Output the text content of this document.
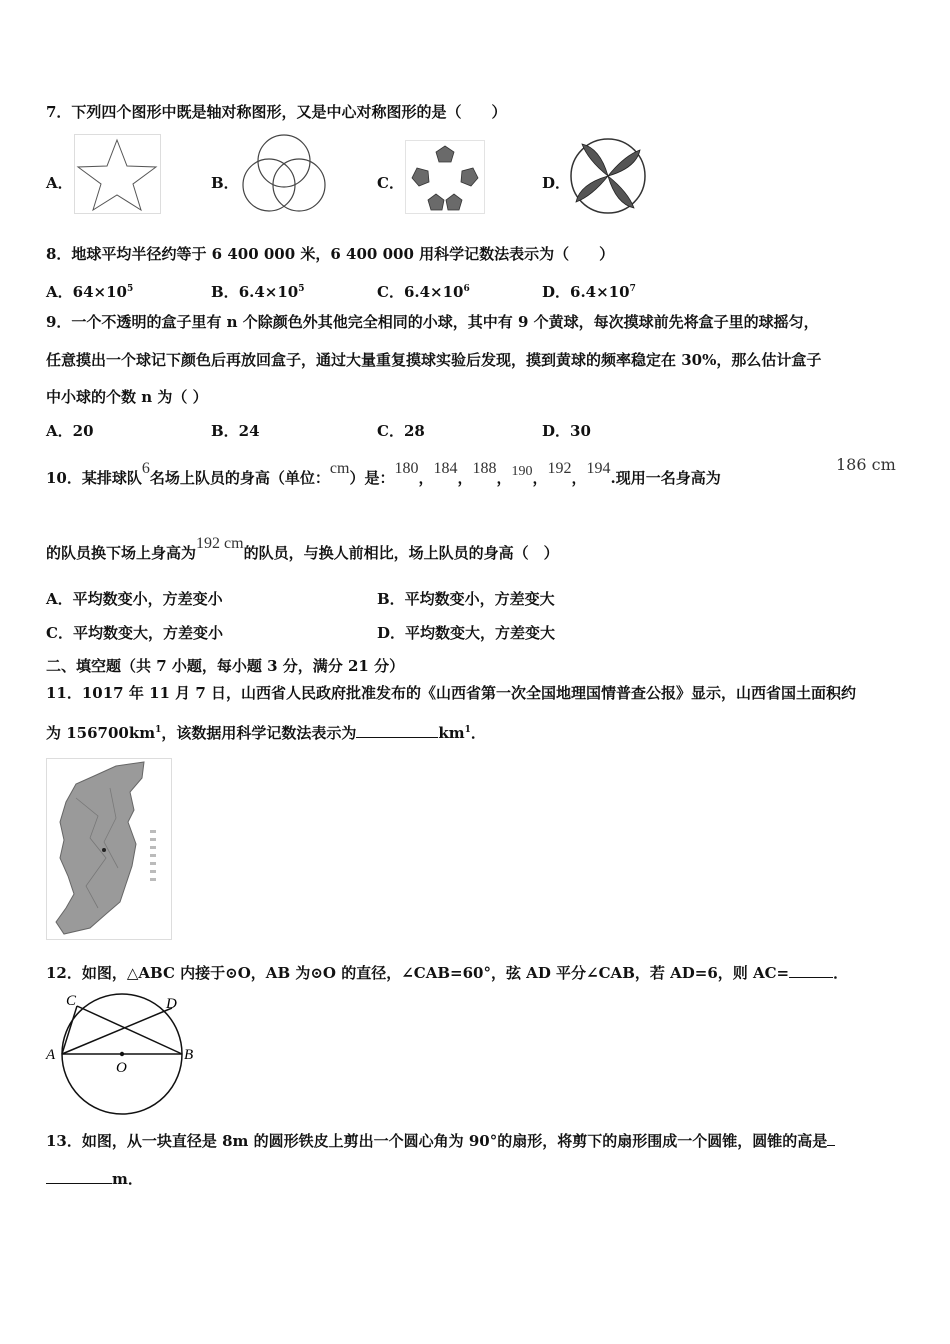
7．下列四个图形中既是轴对称图形，又是中心对称图形的是（　　）
A．	B．	C．	D．
8．地球平均半径约等于 6 400 000 米，6 400 000 用科学记数法表示为（　　）
A．$64\times 10^5$	B．$6.4\times 10^5$	C．$6.4\times 10^6$	D．$6.4\times 10^7$
9．一个不透明的盒子里有 n 个除颜色外其他完全相同的小球，其中有 9 个黄球，每次摸球前先将盒子里的球摇匀，
任意摸出一个球记下颜色后再放回盒子，通过大量重复摸球实验后发现，摸到黄球的频率稳定在 30%，那么估计盒子
中小球的个数 n 为（ ）
A．20	B．24	C．28	D．30
10．某排球队6名场上队员的身高（单位：cm）是：180，184，188，190，192，194.现用一名身高为
186 cm
的队员换下场上身高为192 cm的队员，与换人前相比，场上队员的身高（　）
A．平均数变小，方差变小	B．平均数变小，方差变大
C．平均数变大，方差变小	D．平均数变大，方差变大
二、填空题（共 7 小题，每小题 3 分，满分 21 分）
11．1017 年 11 月 7 日，山西省人民政府批准发布的《山西省第一次全国地理国情普查公报》显示，山西省国土面积约
为 $156700km^1$，该数据用科学记数法表示为	$km^1$．
12．如图，△ABC 内接于⊙O，AB 为⊙O 的直径，∠CAB=60°，弦 AD 平分∠CAB，若 AD=6，则 AC=	．
C	D
A	B
O
13．如图，从一块直径是 8m 的圆形铁皮上剪出一个圆心角为 90°的扇形，将剪下的扇形围成一个圆锥，圆锥的高是
m．
